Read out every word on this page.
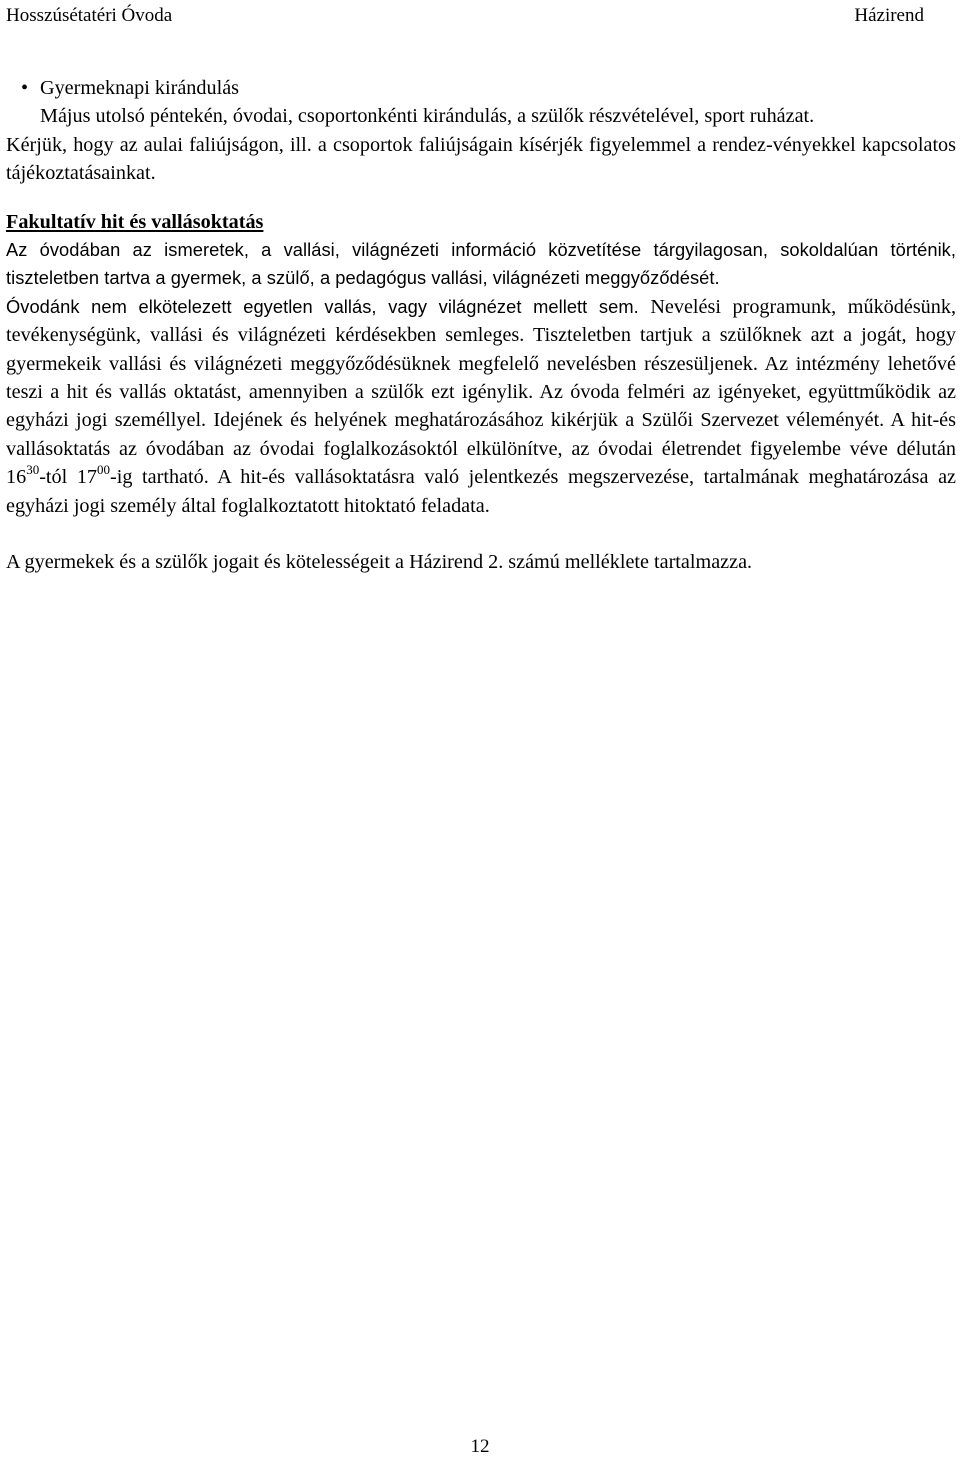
Hosszúsétatéri Óvoda	Házirend
• Gyermeknapi kirándulás
Május utolsó péntekén, óvodai, csoportonkénti kirándulás, a szülők részvételével, sport ruházat.
Kérjük, hogy az aulai faliújságon, ill. a csoportok faliújságain kísérjék figyelemmel a rendez-vényekkel kapcsolatos tájékoztatásainkat.
Fakultatív hit és vallásoktatás
Az óvodában az ismeretek, a vallási, világnézeti információ közvetítése tárgyilagosan, sokoldalúan történik, tiszteletben tartva a gyermek, a szülő, a pedagógus vallási, világnézeti meggyőződését.
Óvodánk nem elkötelezett egyetlen vallás, vagy világnézet mellett sem. Nevelési programunk, működésünk, tevékenységünk, vallási és világnézeti kérdésekben semleges. Tiszteletben tartjuk a szülőknek azt a jogát, hogy gyermekeik vallási és világnézeti meggyőződésüknek megfelelő nevelésben részesüljenek. Az intézmény lehetővé teszi a hit és vallás oktatást, amennyiben a szülők ezt igénylik. Az óvoda felméri az igényeket, együttműködik az egyházi jogi személlyel. Idejének és helyének meghatározásához kikérjük a Szülői Szervezet véleményét. A hit-és vallásoktatás az óvodában az óvodai foglalkozásoktól elkülönítve, az óvodai életrendet figyelembe véve délután $16^{30}$-tól $17^{00}-ig$ tartható. A hit-és vallásoktatásra való jelentkezés megszervezése, tartalmának meghatározása az egyházi jogi személy által foglalkoztatott hitoktató feladata.
A gyermekek és a szülők jogait és kötelességeit a Házirend 2. számú melléklete tartalmazza.
12
